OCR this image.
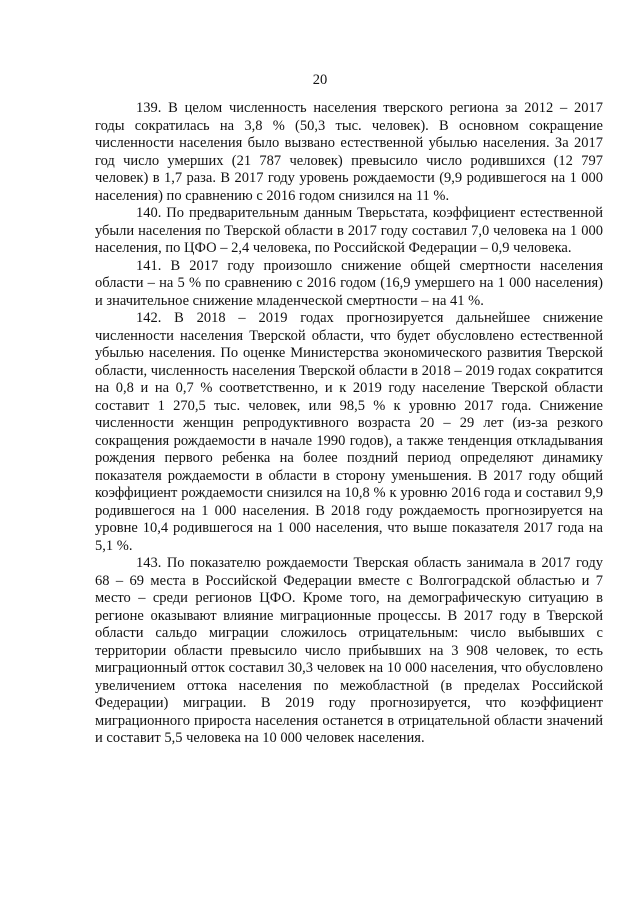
20

139. В целом численность населения тверского региона за 2012 – 2017 годы сократилась на 3,8 % (50,3 тыс. человек). В основном сокращение численности населения было вызвано естественной убылью населения. За 2017 год число умерших (21 787 человек) превысило число родившихся (12 797 человек) в 1,7 раза. В 2017 году уровень рождаемости (9,9 родившегося на 1 000 населения) по сравнению с 2016 годом снизился на 11 %.

140. По предварительным данным Тверьстата, коэффициент естественной убыли населения по Тверской области в 2017 году составил 7,0 человека на 1 000 населения, по ЦФО – 2,4 человека, по Российской Федерации – 0,9 человека.

141. В 2017 году произошло снижение общей смертности населения области – на 5 % по сравнению с 2016 годом (16,9 умершего на 1 000 населения) и значительное снижение младенческой смертности – на 41 %.

142. В 2018 – 2019 годах прогнозируется дальнейшее снижение численности населения Тверской области, что будет обусловлено естественной убылью населения. По оценке Министерства экономического развития Тверской области, численность населения Тверской области в 2018 – 2019 годах сократится на 0,8 и на 0,7 % соответственно, и к 2019 году население Тверской области составит 1 270,5 тыс. человек, или 98,5 % к уровню 2017 года. Снижение численности женщин репродуктивного возраста 20 – 29 лет (из-за резкого сокращения рождаемости в начале 1990 годов), а также тенденция откладывания рождения первого ребенка на более поздний период определяют динамику показателя рождаемости в области в сторону уменьшения. В 2017 году общий коэффициент рождаемости снизился на 10,8 % к уровню 2016 года и составил 9,9 родившегося на 1 000 населения. В 2018 году рождаемость прогнозируется на уровне 10,4 родившегося на 1 000 населения, что выше показателя 2017 года на 5,1 %.

143. По показателю рождаемости Тверская область занимала в 2017 году 68 – 69 места в Российской Федерации вместе с Волгоградской областью и 7 место – среди регионов ЦФО. Кроме того, на демографическую ситуацию в регионе оказывают влияние миграционные процессы. В 2017 году в Тверской области сальдо миграции сложилось отрицательным: число выбывших с территории области превысило число прибывших на 3 908 человек, то есть миграционный отток составил 30,3 человек на 10 000 населения, что обусловлено увеличением оттока населения по межобластной (в пределах Российской Федерации) миграции. В 2019 году прогнозируется, что коэффициент миграционного прироста населения останется в отрицательной области значений и составит 5,5 человека на 10 000 человек населения.
